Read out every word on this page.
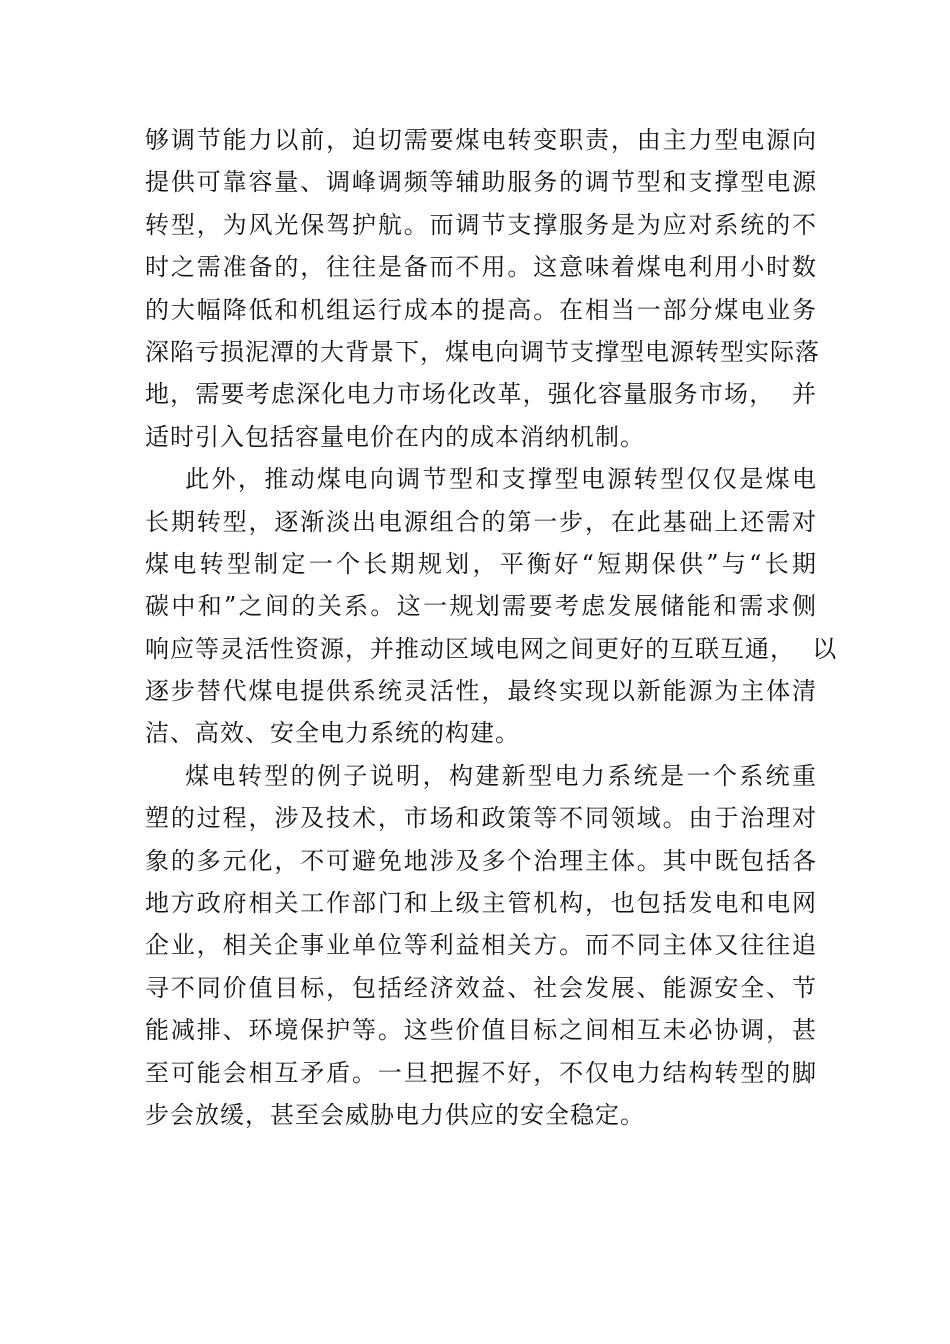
够调节能力以前，迫切需要煤电转变职责，由主力型电源向
提供可靠容量、调峰调频等辅助服务的调节型和支撑型电源
转型，为风光保驾护航。而调节支撑服务是为应对系统的不
时之需准备的，往往是备而不用。这意味着煤电利用小时数
的大幅降低和机组运行成本的提高。在相当一部分煤电业务
深陷亏损泥潭的大背景下，煤电向调节支撑型电源转型实际落
地，需要考虑深化电力市场化改革，强化容量服务市场，  并
适时引入包括容量电价在内的成本消纳机制。

此外，推动煤电向调节型和支撑型电源转型仅仅是煤电
长期转型，逐渐淡出电源组合的第一步，在此基础上还需对
煤电转型制定一个长期规划，平衡好“短期保供”与“长期
碳中和”之间的关系。这一规划需要考虑发展储能和需求侧
响应等灵活性资源，并推动区域电网之间更好的互联互通，  以
逐步替代煤电提供系统灵活性，最终实现以新能源为主体清
洁、高效、安全电力系统的构建。

煤电转型的例子说明，构建新型电力系统是一个系统重
塑的过程，涉及技术，市场和政策等不同领域。由于治理对
象的多元化，不可避免地涉及多个治理主体。其中既包括各
地方政府相关工作部门和上级主管机构，也包括发电和电网
企业，相关企事业单位等利益相关方。而不同主体又往往追
寻不同价值目标，包括经济效益、社会发展、能源安全、节
能减排、环境保护等。这些价值目标之间相互未必协调，甚
至可能会相互矛盾。一旦把握不好，不仅电力结构转型的脚
步会放缓，甚至会威胁电力供应的安全稳定。
